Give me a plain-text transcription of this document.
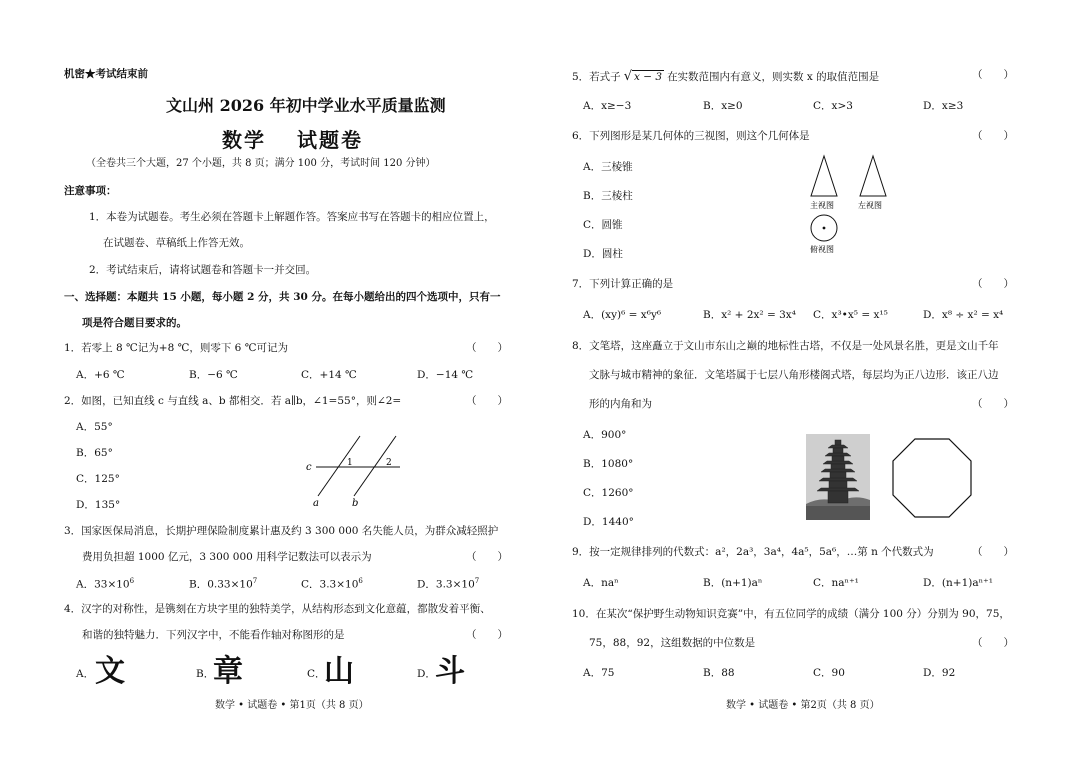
机密★考试结束前
文山州 2026 年初中学业水平质量监测
数学　 试题卷
（全卷共三个大题，27 个小题，共 8 页；满分 100 分，考试时间 120 分钟）
注意事项：
1．本卷为试题卷。考生必须在答题卡上解题作答。答案应书写在答题卡的相应位置上，
在试题卷、草稿纸上作答无效。
2．考试结束后，请将试题卷和答题卡一并交回。
一、选择题：本题共 15 小题，每小题 2 分，共 30 分。在每小题给出的四个选项中，只有一
项是符合题目要求的。
1．若零上 8 ℃记为+8 ℃，则零下 6 ℃可记为	（　　）
A．+6 ℃	B．−6 ℃	C．+14 ℃	D．−14 ℃
2．如图，已知直线 c 与直线 a、b 都相交．若 a∥b，∠1=55°，则∠2=	（　　）
A．55°
B．65°
C．125°
D．135°
c
a	b
1	2
3．国家医保局消息，长期护理保险制度累计惠及约 3 300 000 名失能人员，为群众减轻照护
费用负担超 1000 亿元，3 300 000 用科学记数法可以表示为	（　　）
A．$33\times 10^6$	B．$0.33\times 10^7$	C．$3.3\times 10^6$	D．$3.3\times 10^7$
4．汉字的对称性，是镌刻在方块字里的独特美学，从结构形态到文化意蕴，都散发着平衡、
和谐的独特魅力．下列汉字中，不能看作轴对称图形的是	（　　）
A． 文	B．
章	C．
山	D． 斗
数学 • 试题卷 • 第1页（共 8 页）
5．若式子 √ x − 3 在实数范围内有意义，则实数 x 的取值范围是	（　　）
A．x≥−3	B．x≥0	C．x>3	D．x≥3
6．下列图形是某几何体的三视图，则这个几何体是	（　　）
A．三棱锥
B．三棱柱
C．圆锥
D．圆柱
主视图	左视图
俯视图
7．下列计算正确的是	（　　）
A．(xy)⁶ = x⁶y⁶	B．x² + 2x² = 3x⁴ C．x³•x⁵ = x¹⁵	D．x⁸ ÷ x² = x⁴
8．文笔塔，这座矗立于文山市东山之巅的地标性古塔，不仅是一处风景名胜，更是文山千年
文脉与城市精神的象征．文笔塔属于七层八角形楼阁式塔，每层均为正八边形．该正八边
形的内角和为	（　　）
A．900°
B．1080°
C．1260°
D．1440°
9．按一定规律排列的代数式：a²，2a³，3a⁴，4a⁵，5a⁶，…第 n 个代数式为	（　　）
A．naⁿ	B．(n+1)aⁿ	C．naⁿ⁺¹	D．(n+1)aⁿ⁺¹
10．在某次“保护野生动物知识竞赛”中，有五位同学的成绩（满分 100 分）分别为 90，75，
75，88，92，这组数据的中位数是	（　　）
A．75	B．88	C．90	D．92
数学 • 试题卷 • 第2页（共 8 页）
